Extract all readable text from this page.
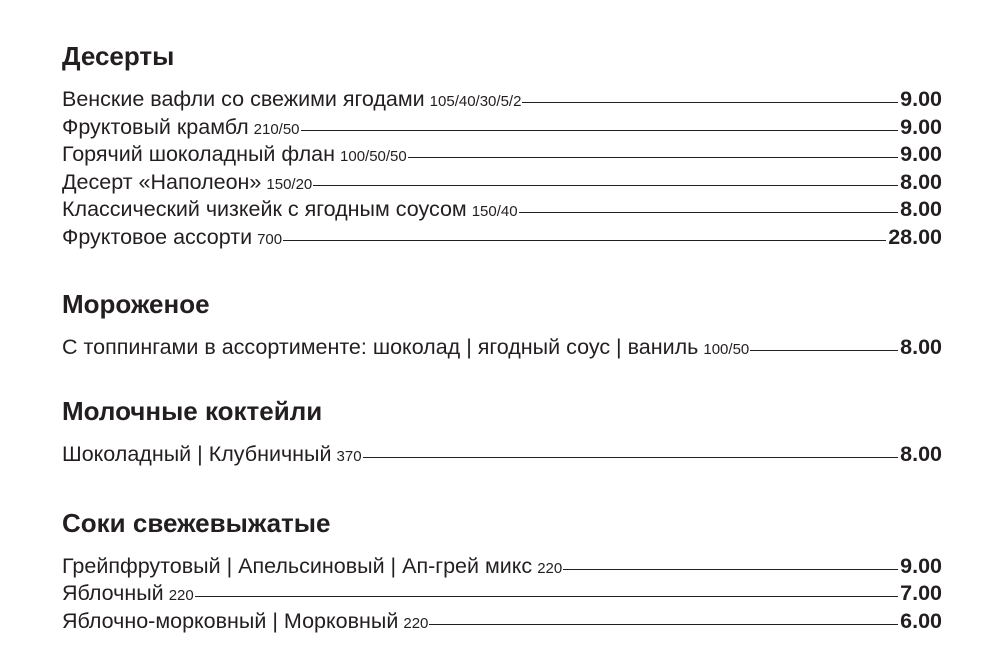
Десерты
Венские вафли со свежими ягодами 105/40/30/5/2	9.00
Фруктовый крамбл 210/50	9.00
Горячий шоколадный флан 100/50/50	9.00
Десерт «Наполеон» 150/20	8.00
Классический чизкейк с ягодным соусом 150/40	8.00
Фруктовое ассорти 700	28.00
Мороженое
С топпингами в ассортименте: шоколад | ягодный соус | ваниль 100/50	8.00
Молочные коктейли
Шоколадный | Клубничный 370	8.00
Соки свежевыжатые
Грейпфрутовый | Апельсиновый | Ап-грей микс 220	9.00
Яблочный 220	7.00
Яблочно-морковный | Морковный 220	6.00
